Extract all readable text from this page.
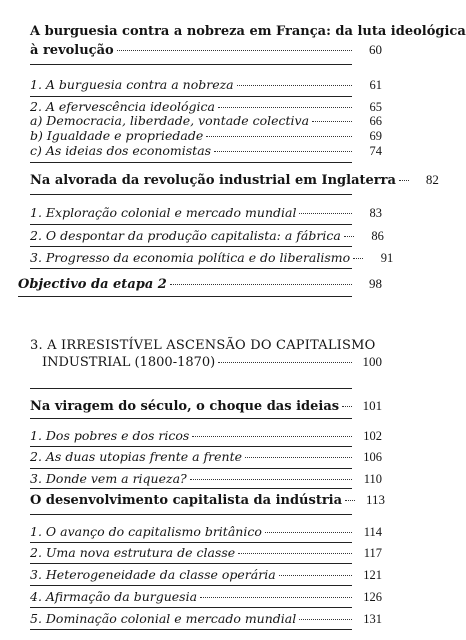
A burguesia contra a nobreza em França: da luta ideológica
à revolução	60
1. A burguesia contra a nobreza	61
2. A efervescência ideológica	65
a) Democracia, liberdade, vontade colectiva	66
b) Igualdade e propriedade	69
c) As ideias dos economistas	74
Na alvorada da revolução industrial em Inglaterra	82
1. Exploração colonial e mercado mundial	83
2. O despontar da produção capitalista: a fábrica	86
3. Progresso da economia política e do liberalismo	91
Objectivo da etapa 2	98
3. A IRRESISTÍVEL ASCENSÃO DO CAPITALISMO
INDUSTRIAL (1800-1870)	100
Na viragem do século, o choque das ideias	101
1. Dos pobres e dos ricos	102
2. As duas utopias frente a frente	106
3. Donde vem a riqueza?	110
O desenvolvimento capitalista da indústria	113
1. O avanço do capitalismo britânico	114
2. Uma nova estrutura de classe	117
3. Heterogeneidade da classe operária	121
4. Afirmação da burguesia	126
5. Dominação colonial e mercado mundial	131
